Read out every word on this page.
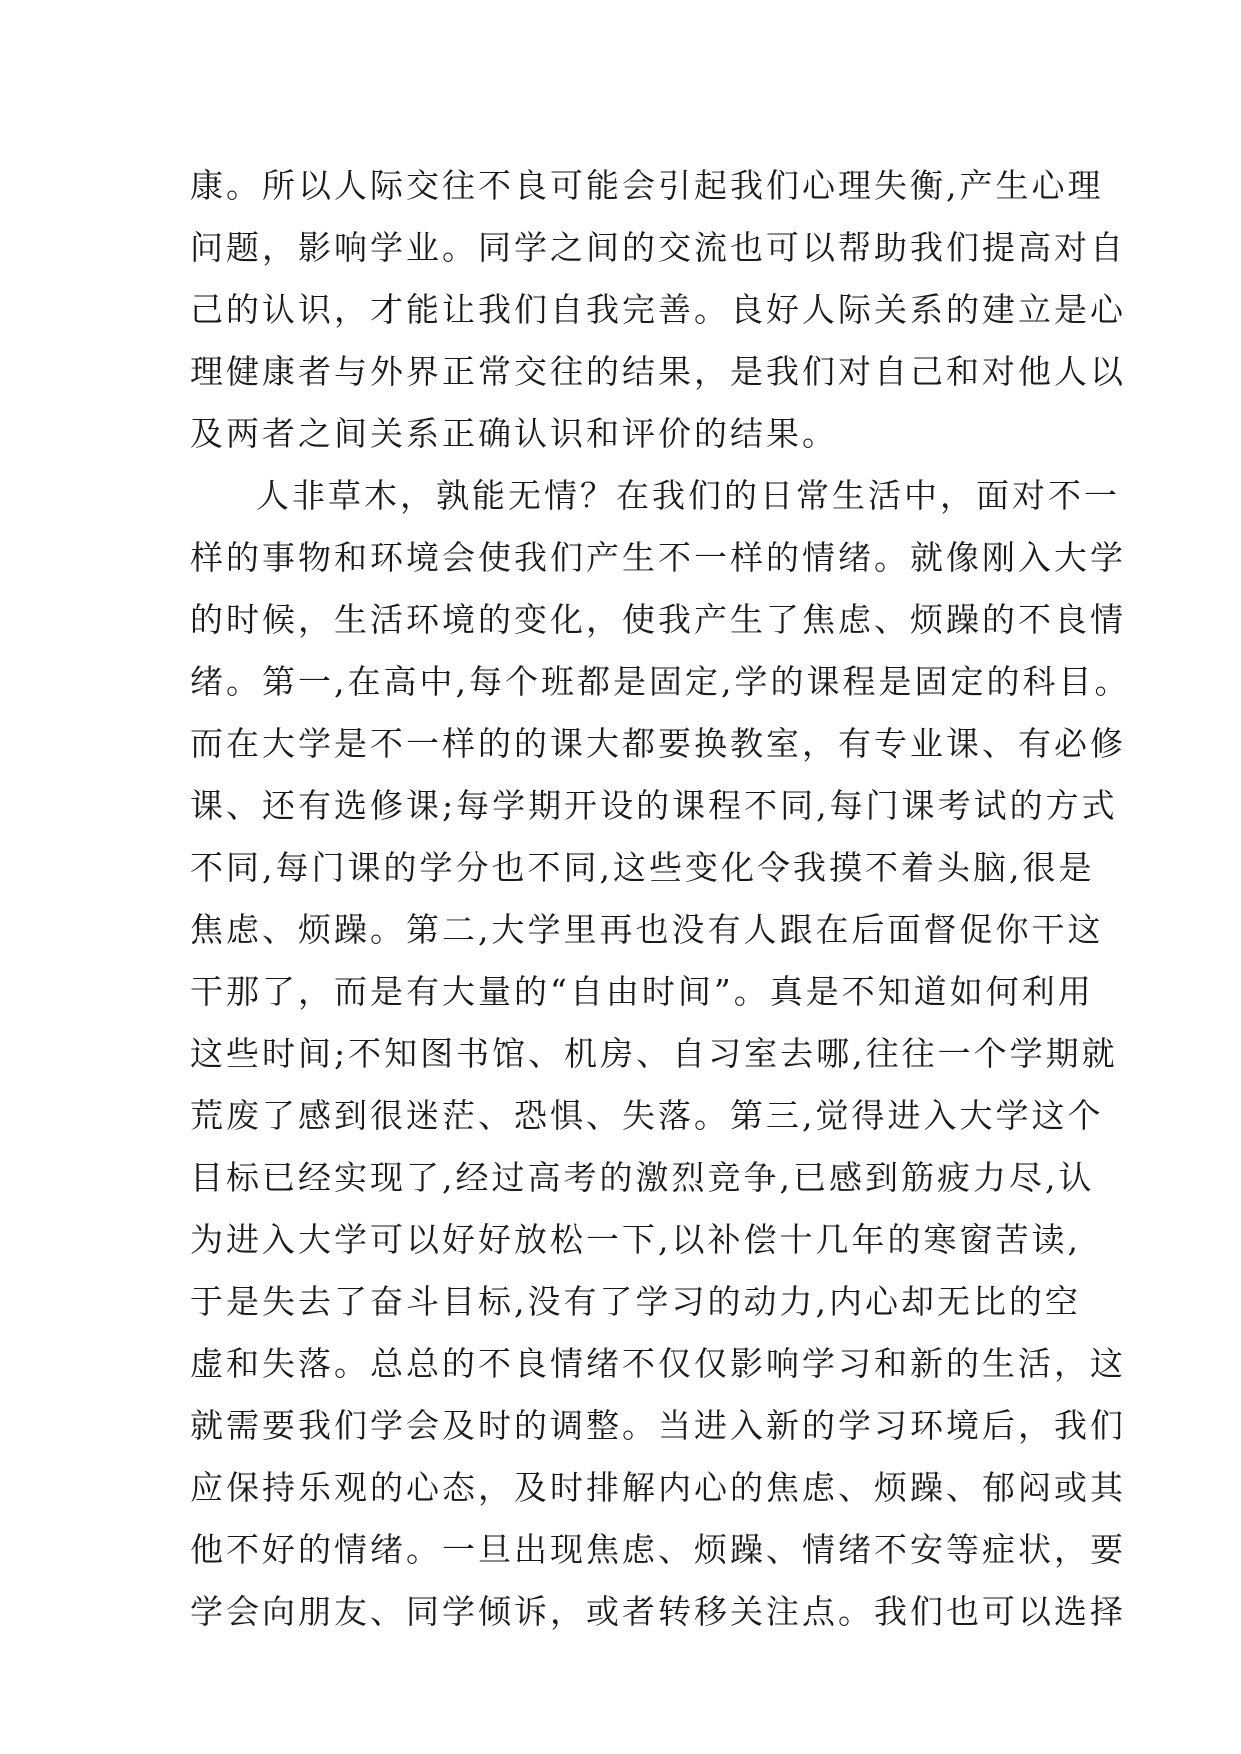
康。所以人际交往不良可能会引起我们心理失衡,产生心理
问题，影响学业。同学之间的交流也可以帮助我们提高对自
己的认识，才能让我们自我完善。良好人际关系的建立是心
理健康者与外界正常交往的结果，是我们对自己和对他人以
及两者之间关系正确认识和评价的结果。
人非草木，孰能无情？在我们的日常生活中，面对不一
样的事物和环境会使我们产生不一样的情绪。就像刚入大学
的时候，生活环境的变化，使我产生了焦虑、烦躁的不良情
绪。第一,在高中,每个班都是固定,学的课程是固定的科目。
而在大学是不一样的的课大都要换教室，有专业课、有必修
课、还有选修课;每学期开设的课程不同,每门课考试的方式
不同,每门课的学分也不同,这些变化令我摸不着头脑,很是
焦虑、烦躁。第二,大学里再也没有人跟在后面督促你干这
干那了，而是有大量的“自由时间”。真是不知道如何利用
这些时间;不知图书馆、机房、自习室去哪,往往一个学期就
荒废了感到很迷茫、恐惧、失落。第三,觉得进入大学这个
目标已经实现了,经过高考的激烈竞争,已感到筋疲力尽,认
为进入大学可以好好放松一下,以补偿十几年的寒窗苦读,
于是失去了奋斗目标,没有了学习的动力,内心却无比的空
虚和失落。总总的不良情绪不仅仅影响学习和新的生活，这
就需要我们学会及时的调整。当进入新的学习环境后，我们
应保持乐观的心态，及时排解内心的焦虑、烦躁、郁闷或其
他不好的情绪。一旦出现焦虑、烦躁、情绪不安等症状，要
学会向朋友、同学倾诉，或者转移关注点。我们也可以选择
